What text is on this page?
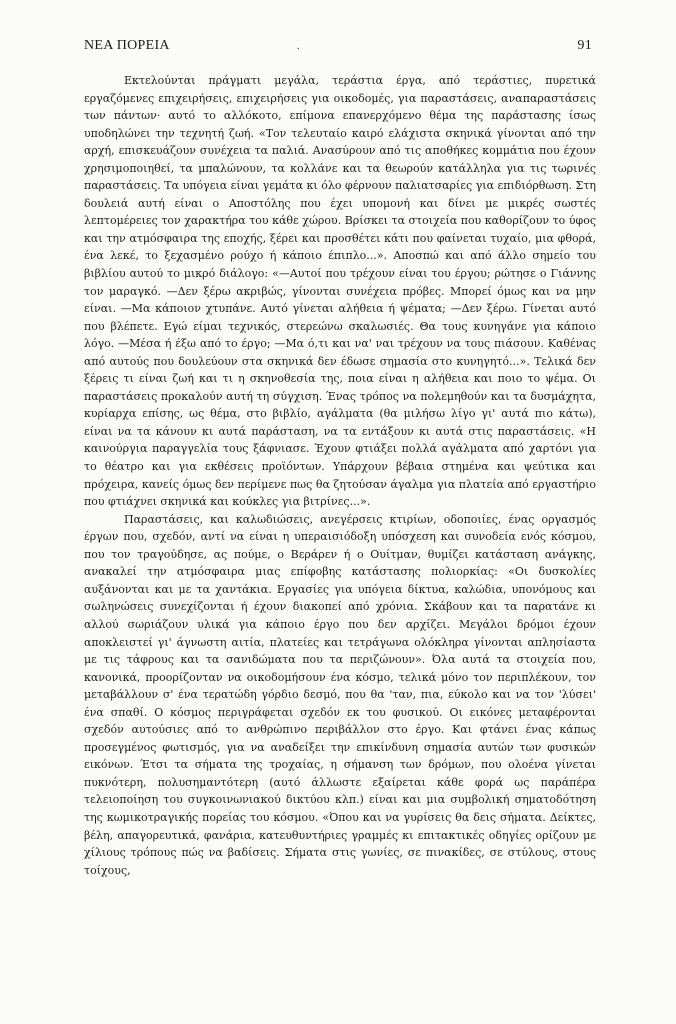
ΝΕΑ ΠΟΡΕΙΑ	.	91

Εκτελούνται πράγματι μεγάλα, τεράστια έργα, από τεράστιες, πυρετικά εργαζόμενες επιχειρήσεις, επιχειρήσεις για οικοδομές, για παραστάσεις, αναπαραστάσεις των πάντων· αυτό το αλλόκοτο, επίμονα επανερχόμενο θέμα της παράστασης ίσως υποδηλώνει την τεχνητή ζωή. «Τον τελευταίο καιρό ελάχιστα σκηνικά γίνονται από την αρχή, επισκευάζουν συνέχεια τα παλιά. Ανασύρουν από τις αποθήκες κομμάτια που έχουν χρησιμοποιηθεί, τα μπαλώνουν, τα κολλάνε και τα θεωρούν κατάλληλα για τις τωρινές παραστάσεις. Τα υπόγεια είναι γεμάτα κι όλο φέρνουν παλιατσαρίες για επιδιόρθωση. Στη δουλειά αυτή είναι ο Αποστόλης που έχει υπομονή και δίνει με μικρές σωστές λεπτομέρειες τον χαρακτήρα του κάθε χώρου. Βρίσκει τα στοιχεία που καθορίζουν το ύφος και την ατμόσφαιρα της εποχής, ξέρει και προσθέτει κάτι που φαίνεται τυχαίο, μια φθορά, ένα λεκέ, το ξεχασμένο ρούχο ή κάποιο έπιπλο...». Αποσπώ και από άλλο σημείο του βιβλίου αυτού το μικρό διάλογο: «—Αυτοί που τρέχουν είναι του έργου; ρώτησε ο Γιάννης τον μαραγκό. —Δεν ξέρω ακριβώς, γίνονται συνέχεια πρόβες. Μπορεί όμως και να μην είναι. —Μα κάποιον χτυπάνε. Αυτό γίνεται αλήθεια ή ψέματα; —Δεν ξέρω. Γίνεται αυτό που βλέπετε. Εγώ είμαι τεχνικός, στερεώνω σκαλωσιές. Θα τους κυνηγάνε για κάποιο λόγο. —Μέσα ή έξω από το έργο; —Μα ό,τι και να' ναι τρέχουν να τους πιάσουν. Καθένας από αυτούς που δουλεύουν στα σκηνικά δεν έδωσε σημασία στο κυνηγητό...». Τελικά δεν ξέρεις τι είναι ζωή και τι η σκηνοθεσία της, ποια είναι η αλήθεια και ποιο το ψέμα. Οι παραστάσεις προκαλούν αυτή τη σύγχιση. Ένας τρόπος να πολεμηθούν και τα δυσμάχητα, κυρίαρχα επίσης, ως θέμα, στο βιβλίο, αγάλματα (θα μιλήσω λίγο γι' αυτά πιο κάτω), είναι να τα κάνουν κι αυτά παράσταση, να τα εντάξουν κι αυτά στις παραστάσεις. «Η καινούργια παραγγελία τους ξάφνιασε. Έχουν φτιάξει πολλά αγάλματα από χαρτόνι για το θέατρο και για εκθέσεις προϊόντων. Υπάρχουν βέβαια στημένα και ψεύτικα και πρόχειρα, κανείς όμως δεν περίμενε πως θα ζητούσαν άγαλμα για πλατεία από εργαστήριο που φτιάχνει σκηνικά και κούκλες για βιτρίνες...».

Παραστάσεις, και καλωδιώσεις, ανεγέρσεις κτιρίων, οδοποιίες, ένας οργασμός έργων που, σχεδόν, αντί να είναι η υπεραισιόδοξη υπόσχεση και συνοδεία ενός κόσμου, που τον τραγούδησε, ας πούμε, ο Βεράρεν ή ο Ουίτμαν, θυμίζει κατάσταση ανάγκης, ανακαλεί την ατμόσφαιρα μιας επίφοβης κατάστασης πολιορκίας: «Οι δυσκολίες αυξάνονται και με τα χαντάκια. Εργασίες για υπόγεια δίκτυα, καλώδια, υπονόμους και σωληνώσεις συνεχίζονται ή έχουν διακοπεί από χρόνια. Σκάβουν και τα παρατάνε κι αλλού σωριάζουν υλικά για κάποιο έργο που δεν αρχίζει. Μεγάλοι δρόμοι έχουν αποκλειστεί γι' άγνωστη αιτία, πλατείες και τετράγωνα ολόκληρα γίνονται απλησίαστα με τις τάφρους και τα σανιδώματα που τα περιζώνουν». Όλα αυτά τα στοιχεία που, κανονικά, προορίζονταν να οικοδομήσουν ένα κόσμο, τελικά μόνο τον περιπλέκουν, τον μεταβάλλουν σ' ένα τερατώδη γόρδιο δεσμό, που θα 'ταν, πια, εύκολο και να τον 'λύσει' ένα σπαθί. Ο κόσμος περιγράφεται σχεδόν εκ του φυσικού. Οι εικόνες μεταφέρονται σχεδόν αυτούσιες από το ανθρώπινο περιβάλλον στο έργο. Και φτάνει ένας κάπως προσεγμένος φωτισμός, για να αναδείξει την επικίνδυνη σημασία αυτών των φυσικών εικόνων. Έτσι τα σήματα της τροχαίας, η σήμανση των δρόμων, που ολοένα γίνεται πυκνότερη, πολυσημαντότερη (αυτό άλλωστε εξαίρεται κάθε φορά ως παράπέρα τελειοποίηση του συγκοινωνιακού δικτύου κλπ.) είναι και μια συμβολική σηματοδότηση της κωμικοτραγικής πορείας του κόσμου. «Όπου και να γυρίσεις θα δεις σήματα. Δείκτες, βέλη, απαγορευτικά, φανάρια, κατευθυντήριες γραμμές κι επιτακτικές οδηγίες ορίζουν με χίλιους τρόπους πώς να βαδίσεις. Σήματα στις γωνίες, σε πινακίδες, σε στύλους, στους τοίχους,
